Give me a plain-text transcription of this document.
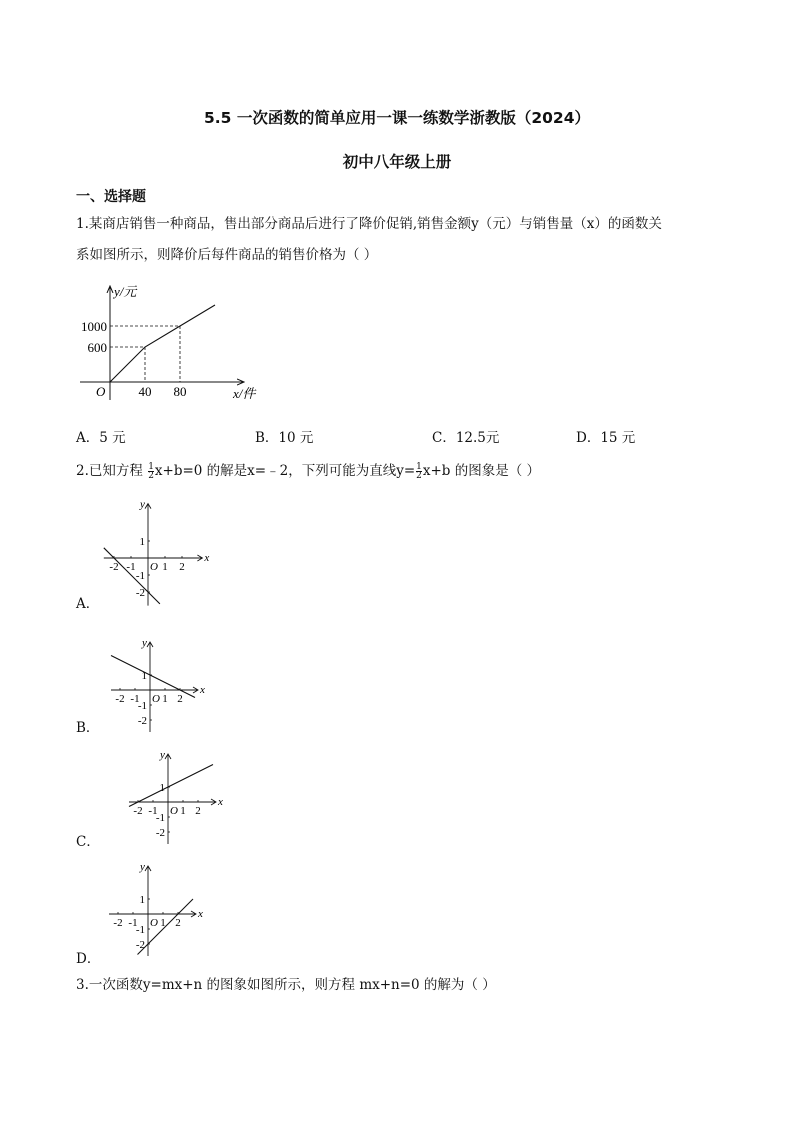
5.5 一次函数的简单应用一课一练数学浙教版（2024）
初中八年级上册
一、选择题
1.某商店销售一种商品，售出部分商品后进行了降价促销,销售金额y（元）与销售量（x）的函数关
系如图所示，则降价后每件商品的销售价格为（ ）
y/元
x/件
O
1000
600
40 80
A．5 元	B．10 元	C．12.5元	D．15 元
2.已知方程 $\frac{1}{2} x+b=0$ 的解是x=﹣2，下列可能为直线$y= \frac{1}{2} x+b$ 的图象是（ ）
x
y
O
-2 -1 1 2
1
-1
-2
A．
x
y
O
-2 -1 1 2
1
-1
-2
B．
x
y
O
-2 -1 1 2
1
-1
-2
C．
x
y
O
-2 -1 1 2
1
-1
-2
D．
3.一次函数y=mx+n 的图象如图所示，则方程 mx+n=0 的解为（ ）
